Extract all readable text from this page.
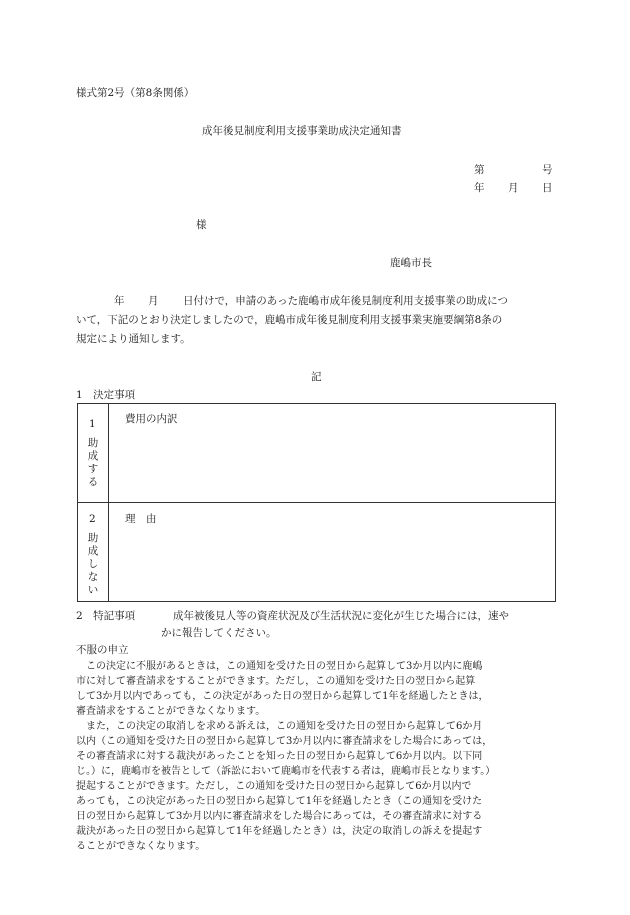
様式第2号（第8条関係）
成年後見制度利用支援事業助成決定通知書
第	号
年 月 日
様
鹿嶋市長
年 月 日付けで，申請のあった鹿嶋市成年後見制度利用支援事業の助成につ
いて，下記のとおり決定しましたので，鹿嶋市成年後見制度利用支援事業実施要綱第8条の
規定により通知します。
記
1　決定事項
1
助成する
費用の内訳
2
助成しない
理　由
2　特記事項	成年被後見人等の資産状況及び生活状況に変化が生じた場合には，速や
かに報告してください。
不服の申立
　この決定に不服があるときは，この通知を受けた日の翌日から起算して3か月以内に鹿嶋
市に対して審査請求をすることができます。ただし，この通知を受けた日の翌日から起算
して3か月以内であっても，この決定があった日の翌日から起算して1年を経過したときは，
審査請求をすることができなくなります。
　また，この決定の取消しを求める訴えは，この通知を受けた日の翌日から起算して6か月
以内（この通知を受けた日の翌日から起算して3か月以内に審査請求をした場合にあっては，
その審査請求に対する裁決があったことを知った日の翌日から起算して6か月以内。以下同
じ。）に，鹿嶋市を被告として（訴訟において鹿嶋市を代表する者は，鹿嶋市長となります。）
提起することができます。ただし，この通知を受けた日の翌日から起算して6か月以内で
あっても，この決定があった日の翌日から起算して1年を経過したとき（この通知を受けた
日の翌日から起算して3か月以内に審査請求をした場合にあっては，その審査請求に対する
裁決があった日の翌日から起算して1年を経過したとき）は，決定の取消しの訴えを提起す
ることができなくなります。
